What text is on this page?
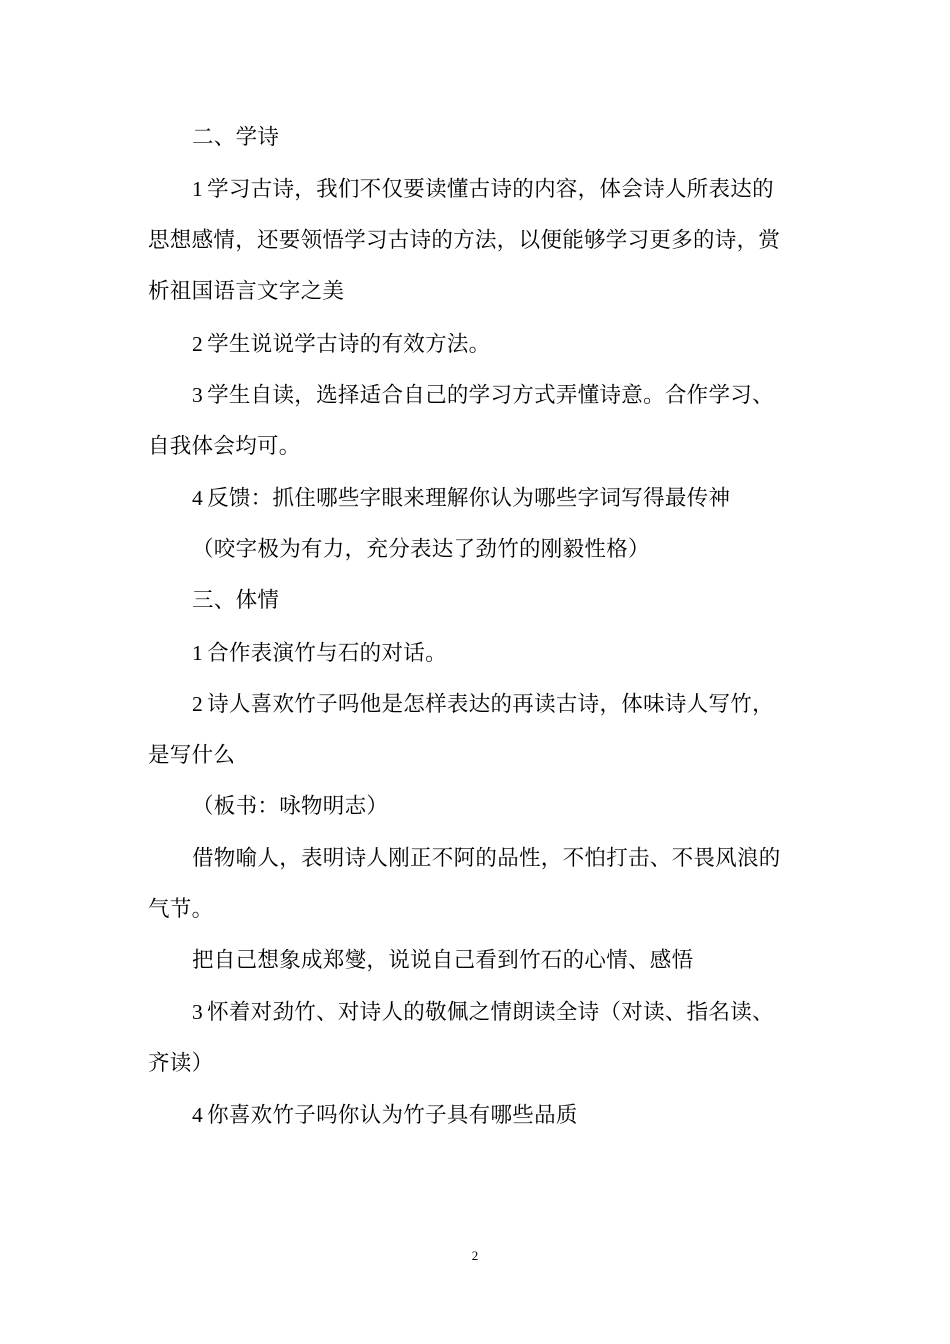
二、学诗
1 学习古诗，我们不仅要读懂古诗的内容，体会诗人所表达的
思想感情，还要领悟学习古诗的方法，以便能够学习更多的诗，赏
析祖国语言文字之美
2 学生说说学古诗的有效方法。
3 学生自读，选择适合自己的学习方式弄懂诗意。合作学习、
自我体会均可。
4 反馈：抓住哪些字眼来理解你认为哪些字词写得最传神
（咬字极为有力，充分表达了劲竹的刚毅性格）
三、体情
1 合作表演竹与石的对话。
2 诗人喜欢竹子吗他是怎样表达的再读古诗，体味诗人写竹，
是写什么
（板书：咏物明志）
借物喻人，表明诗人刚正不阿的品性，不怕打击、不畏风浪的
气节。
把自己想象成郑燮，说说自己看到竹石的心情、感悟
3 怀着对劲竹、对诗人的敬佩之情朗读全诗（对读、指名读、
齐读）
4 你喜欢竹子吗你认为竹子具有哪些品质
2
